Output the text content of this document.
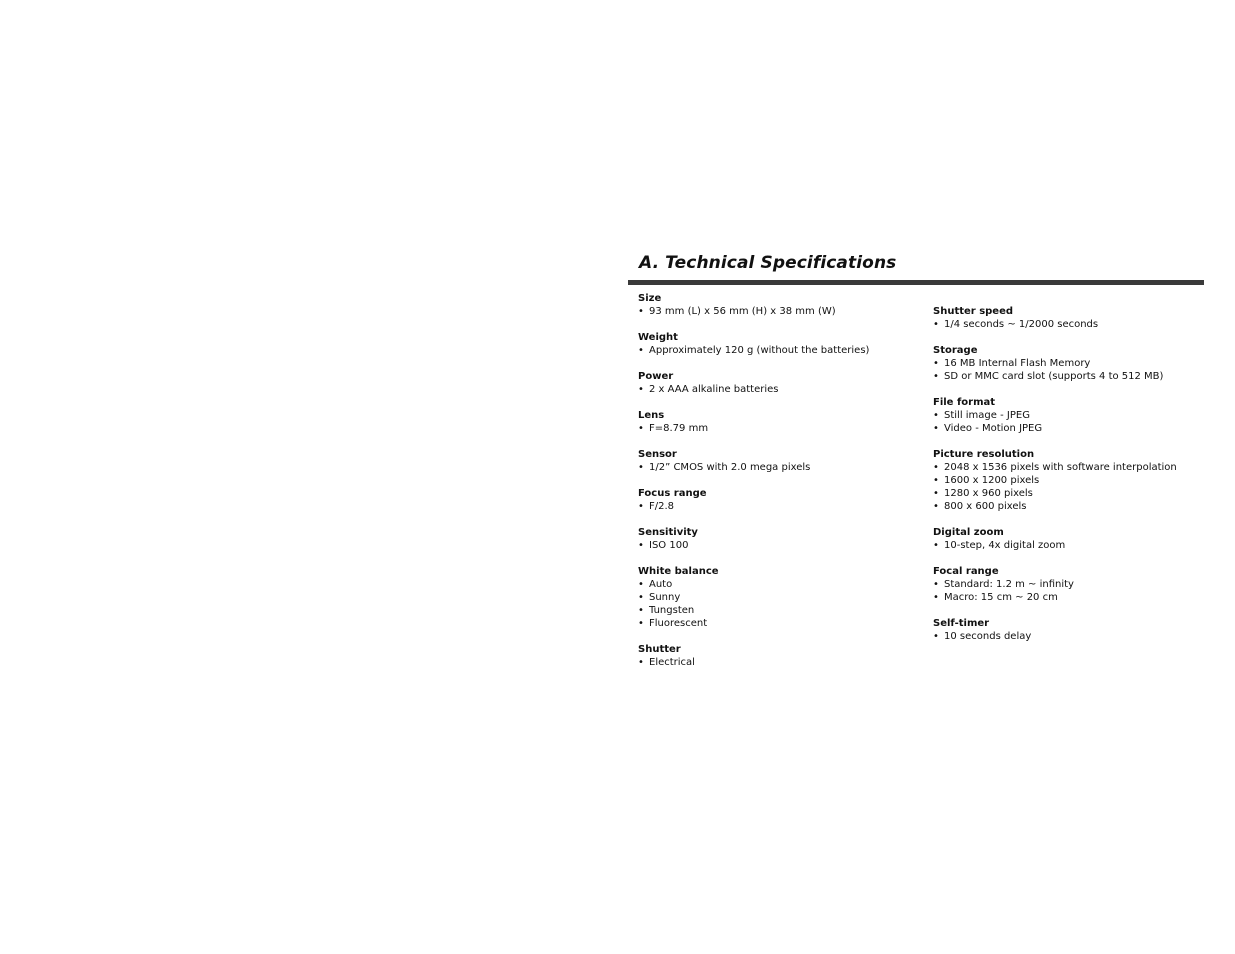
A. Technical Specifications
Size
• 93 mm (L) x 56 mm (H) x 38 mm (W)
Weight
• Approximately 120 g (without the batteries)
Power
• 2 x AAA alkaline batteries
Lens
• F=8.79 mm
Sensor
• 1/2” CMOS with 2.0 mega pixels
Focus range
• F/2.8
Sensitivity
• ISO 100
White balance
• Auto
• Sunny
• Tungsten
• Fluorescent
Shutter
• Electrical
Shutter speed
• 1/4 seconds ~ 1/2000 seconds
Storage
• 16 MB Internal Flash Memory
• SD or MMC card slot (supports 4 to 512 MB)
File format
• Still image - JPEG
• Video - Motion JPEG
Picture resolution
• 2048 x 1536 pixels with software interpolation
• 1600 x 1200 pixels
• 1280 x 960 pixels
• 800 x 600 pixels
Digital zoom
• 10-step, 4x digital zoom
Focal range
• Standard: 1.2 m ~ infinity
• Macro: 15 cm ~ 20 cm
Self-timer
• 10 seconds delay
